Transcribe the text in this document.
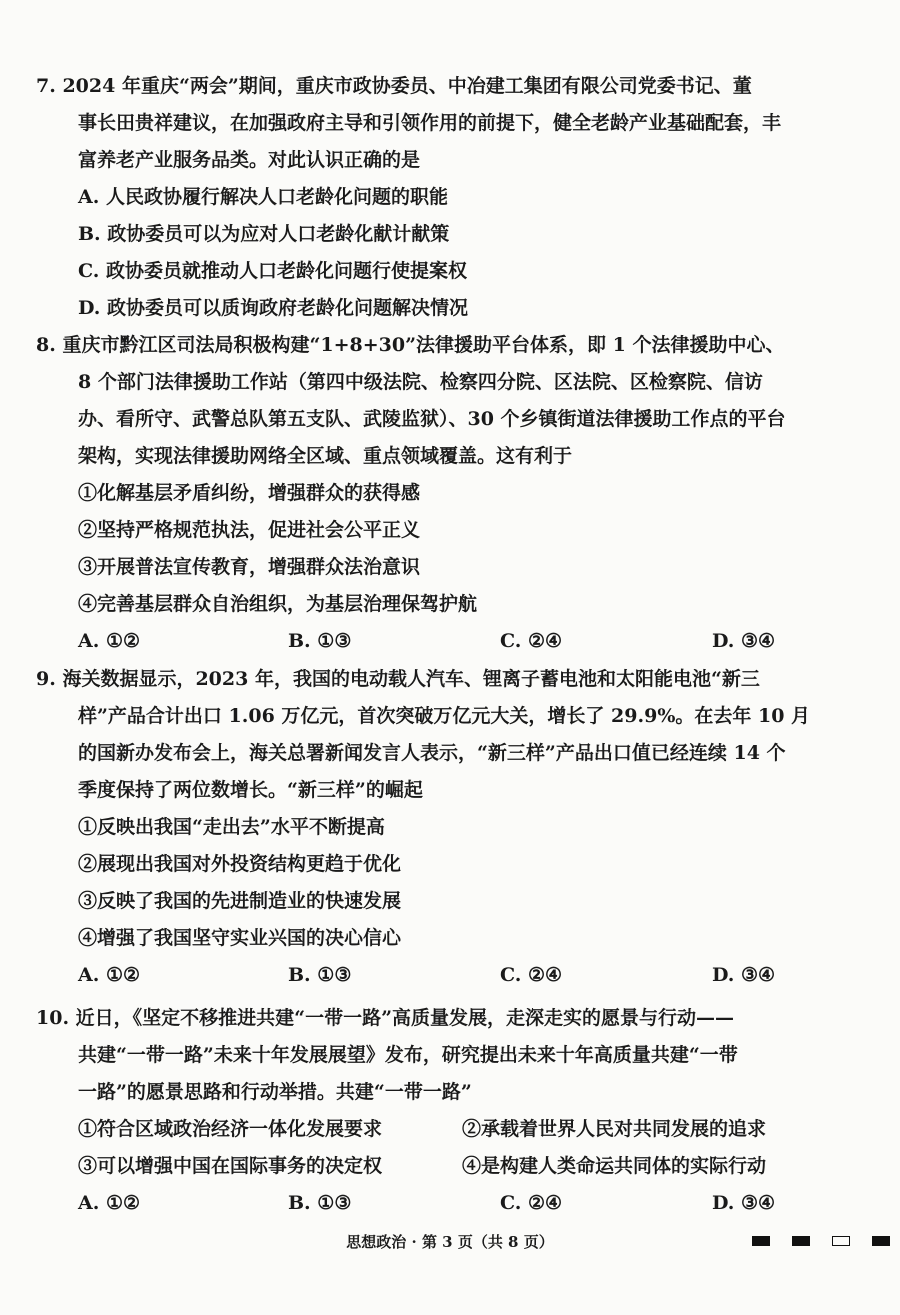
7. 2024 年重庆“两会”期间，重庆市政协委员、中冶建工集团有限公司党委书记、董
事长田贵祥建议，在加强政府主导和引领作用的前提下，健全老龄产业基础配套，丰
富养老产业服务品类。对此认识正确的是
A. 人民政协履行解决人口老龄化问题的职能
B. 政协委员可以为应对人口老龄化献计献策
C. 政协委员就推动人口老龄化问题行使提案权
D. 政协委员可以质询政府老龄化问题解决情况
8. 重庆市黔江区司法局积极构建“1+8+30”法律援助平台体系，即 1 个法律援助中心、
8 个部门法律援助工作站（第四中级法院、检察四分院、区法院、区检察院、信访
办、看所守、武警总队第五支队、武陵监狱）、30 个乡镇街道法律援助工作点的平台
架构，实现法律援助网络全区域、重点领域覆盖。这有利于
①化解基层矛盾纠纷，增强群众的获得感
②坚持严格规范执法，促进社会公平正义
③开展普法宣传教育，增强群众法治意识
④完善基层群众自治组织，为基层治理保驾护航
A. ①②	B. ①③	C. ②④	D. ③④
9. 海关数据显示，2023 年，我国的电动载人汽车、锂离子蓄电池和太阳能电池“新三
样”产品合计出口 1.06 万亿元，首次突破万亿元大关，增长了 29.9%。在去年 10 月
的国新办发布会上，海关总署新闻发言人表示，“新三样”产品出口值已经连续 14 个
季度保持了两位数增长。“新三样”的崛起
①反映出我国“走出去”水平不断提高
②展现出我国对外投资结构更趋于优化
③反映了我国的先进制造业的快速发展
④增强了我国坚守实业兴国的决心信心
A. ①②	B. ①③	C. ②④	D. ③④
10. 近日，《坚定不移推进共建“一带一路”高质量发展，走深走实的愿景与行动——
共建“一带一路”未来十年发展展望》发布，研究提出未来十年高质量共建“一带
一路”的愿景思路和行动举措。共建“一带一路”
①符合区域政治经济一体化发展要求	②承载着世界人民对共同发展的追求
③可以增强中国在国际事务的决定权	④是构建人类命运共同体的实际行动
A. ①②	B. ①③	C. ②④	D. ③④
思想政治 · 第 3 页（共 8 页）
